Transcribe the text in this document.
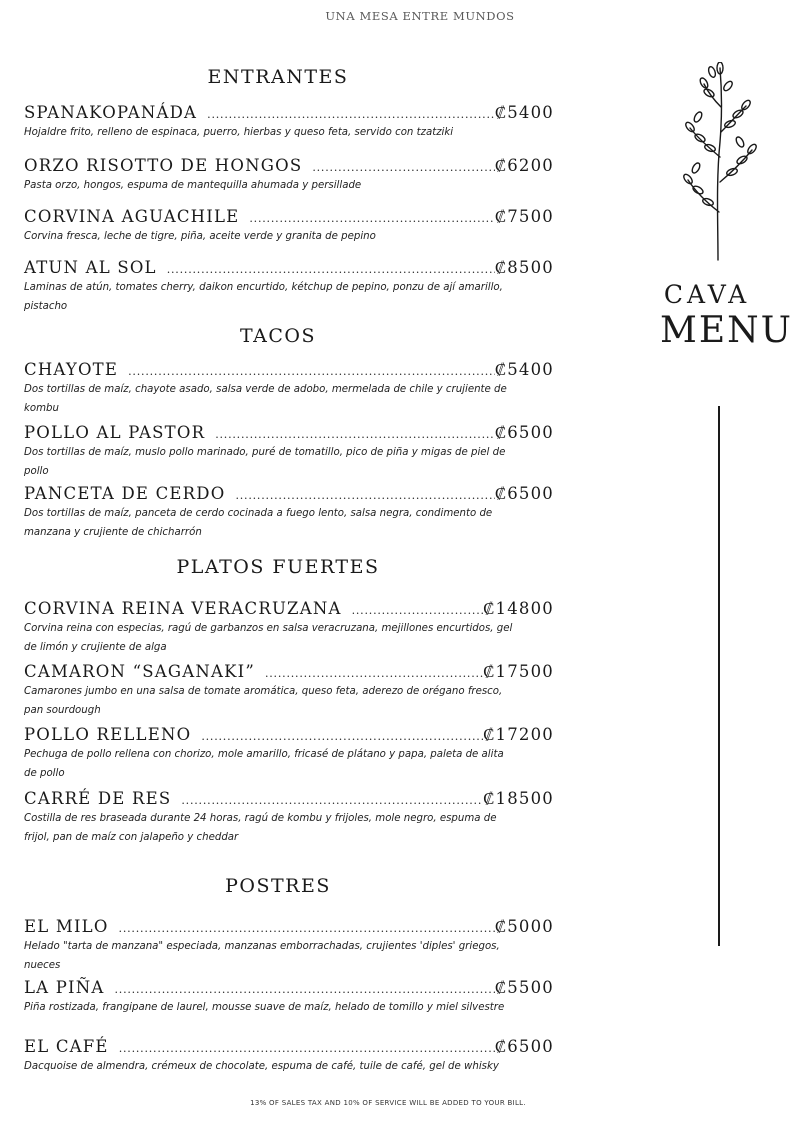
UNA MESA ENTRE MUNDOS
ENTRANTES
SPANAKOPANÁDA .....	₡5400
Hojaldre frito, relleno de espinaca, puerro, hierbas y queso feta, servido con tzatziki
ORZO RISOTTO DE HONGOS .....	₡6200
Pasta orzo, hongos, espuma de mantequilla ahumada y persillade
CORVINA AGUACHILE .....	₡7500
Corvina fresca, leche de tigre, piña, aceite verde y granita de pepino
ATUN AL SOL .....	₡8500
Laminas de atún, tomates cherry, daikon encurtido, kétchup de pepino, ponzu de ají amarillo, pistacho
TACOS
CHAYOTE .....	₡5400
Dos tortillas de maíz, chayote asado, salsa verde de adobo, mermelada de chile y crujiente de kombu
POLLO AL PASTOR .....	₡6500
Dos tortillas de maíz, muslo pollo marinado, puré de tomatillo, pico de piña y migas de piel de pollo
PANCETA DE CERDO .....	₡6500
Dos tortillas de maíz, panceta de cerdo cocinada a fuego lento, salsa negra, condimento de manzana y crujiente de chicharrón
PLATOS FUERTES
CORVINA REINA VERACRUZANA .....	₡14800
Corvina reina con especias, ragú de garbanzos en salsa veracruzana, mejillones encurtidos, gel de limón y crujiente de alga
CAMARON “SAGANAKI” .....	₡17500
Camarones jumbo en una salsa de tomate aromática, queso feta, aderezo de orégano fresco, pan sourdough
POLLO RELLENO .....	₡17200
Pechuga de pollo rellena con chorizo, mole amarillo, fricasé de plátano y papa, paleta de alita de pollo
CARRÉ DE RES .....	₡18500
Costilla de res braseada durante 24 horas, ragú de kombu y frijoles, mole negro, espuma de frijol, pan de maíz con jalapeño y cheddar
POSTRES
EL MILO .....	₡5000
Helado "tarta de manzana" especiada, manzanas emborrachadas, crujientes 'diples' griegos, nueces
LA PIÑA .....	₡5500
Piña rostizada, frangipane de laurel, mousse suave de maíz, helado de tomillo y miel silvestre
EL CAFÉ .....	₡6500
Dacquoise de almendra, crémeux de chocolate, espuma de café, tuile de café, gel de whisky
CAVA
MENU
13% OF SALES TAX AND 10% OF SERVICE WILL BE ADDED TO YOUR BILL.
